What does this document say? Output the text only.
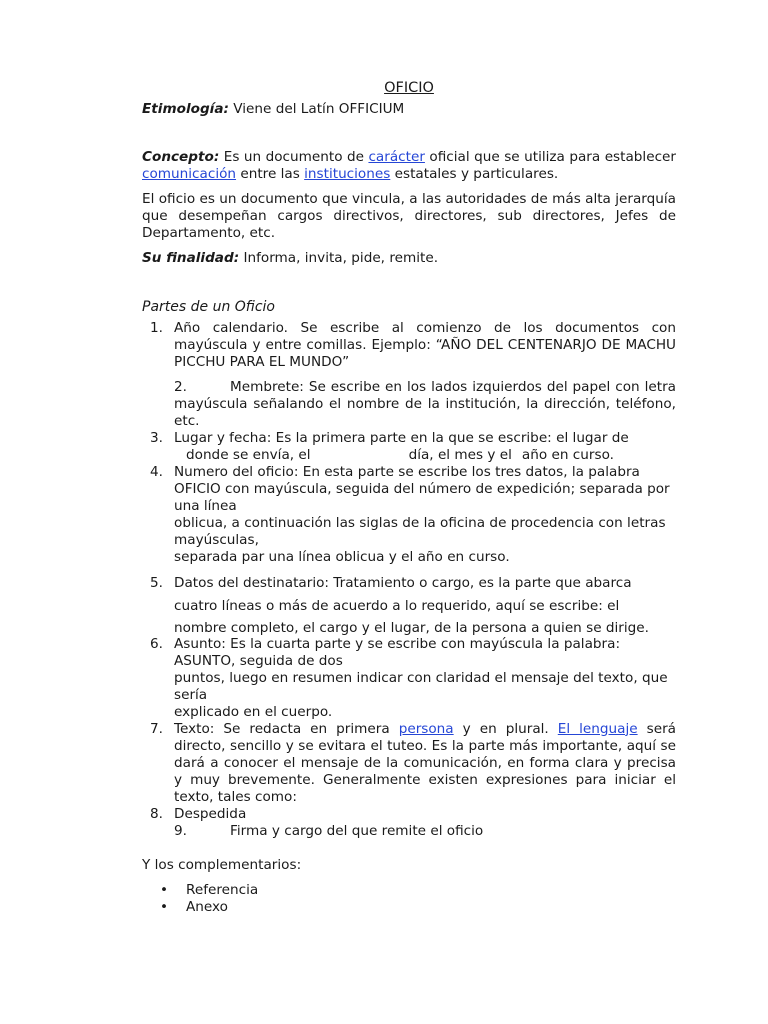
OFICIO

Etimología: Viene del Latín OFFICIUM

Concepto: Es un documento de carácter oficial que se utiliza para establecer comunicación entre las instituciones estatales y particulares.

El oficio es un documento que vincula, a las autoridades de más alta jerarquía que desempeñan cargos directivos, directores, sub directores, Jefes de Departamento, etc.

Su finalidad: Informa, invita, pide, remite.

Partes de un Oficio

1. Año calendario. Se escribe al comienzo de los documentos con mayúscula y entre comillas. Ejemplo: “AÑO DEL CENTENARJO DE MACHU PICCHU PARA EL MUNDO”
2.	Membrete: Se escribe en los lados izquierdos del papel con letra mayúscula señalando el nombre de la institución, la dirección, teléfono, etc.
3. Lugar y fecha: Es la primera parte en la que se escribe: el lugar de
donde se envía, el	día, el mes y el año en curso.
4. Numero del oficio: En esta parte se escribe los tres datos, la palabra OFICIO con mayúscula, seguida del número de expedición; separada por una línea
oblicua, a continuación las siglas de la oficina de procedencia con letras mayúsculas,
separada par una línea oblicua y el año en curso.
5. Datos del destinatario: Tratamiento o cargo, es la parte que abarca
cuatro líneas o más de acuerdo a lo requerido, aquí se escribe: el
nombre completo, el cargo y el lugar, de la persona a quien se dirige.
6. Asunto: Es la cuarta parte y se escribe con mayúscula la palabra: ASUNTO, seguida de dos
puntos, luego en resumen indicar con claridad el mensaje del texto, que sería
explicado en el cuerpo.
7. Texto: Se redacta en primera persona y en plural. El lenguaje será directo, sencillo y se evitara el tuteo. Es la parte más importante, aquí se dará a conocer el mensaje de la comunicación, en forma clara y precisa y muy brevemente. Generalmente existen expresiones para iniciar el texto, tales como:
8. Despedida
9.	Firma y cargo del que remite el oficio

Y los complementarios:

•	Referencia
•	Anexo
